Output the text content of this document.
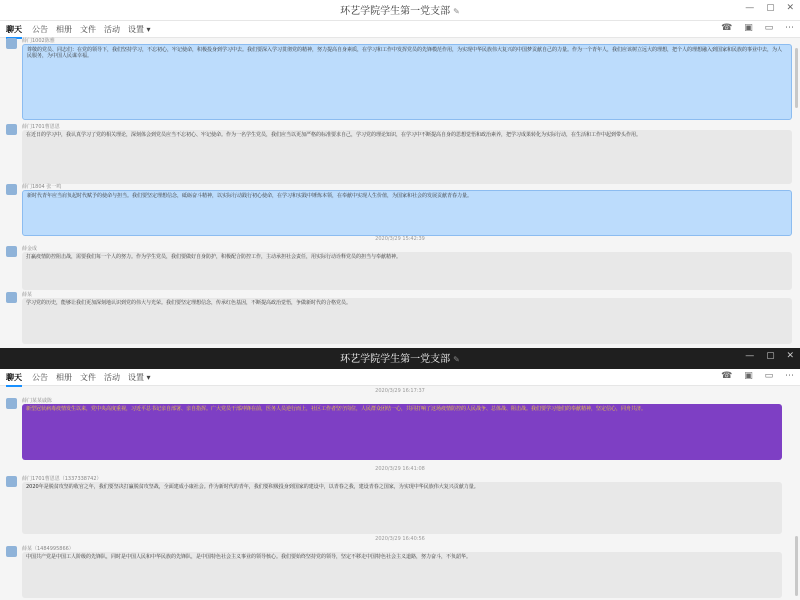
环艺学院学生第一党支部 ✎	— ▢ ✕
聊天 公告 相册 文件 活动 设置 ▾	☎ ▣ ▭ ⋯
薛门1002陈雅
尊敬的党员、同志们：在党的领导下，我们坚持学习，不忘初心，牢记使命，积极投身到学习中去。我们要深入学习贯彻党的精神，努力提高自身素质，在学习和工作中发挥党员的先锋模范作用，为实现中华民族伟大复兴的中国梦贡献自己的力量。作为一个青年人，我们应该树立远大的理想，把个人的理想融入到国家和民族的事业中去，为人民服务，为中国人民谋幸福。
薛门1701曹恩恩
在近日的学习中，我认真学习了党的相关理论，深刻体会到党员应当不忘初心、牢记使命。作为一名学生党员，我们应当以更加严格的标准要求自己，学习党的理论知识，在学习中不断提高自身的思想觉悟和政治素养，把学习成果转化为实际行动，在生活和工作中起到带头作用。
薛门1804 张一鸣
新时代青年应当肩负起时代赋予的使命与担当。我们要坚定理想信念，砥砺奋斗精神，以实际行动践行初心使命，在学习和实践中锤炼本领，在奉献中实现人生价值，为国家和社会的发展贡献青春力量。
2020/3/29 15:42:39
薛金成
打赢疫情防控阻击战，需要我们每一个人的努力。作为学生党员，我们要做好自身防护，积极配合防控工作，主动承担社会责任，用实际行动诠释党员的担当与奉献精神。
薛某
学习党的历史，能够让我们更加深刻地认识到党的伟大与光荣。我们要坚定理想信念，传承红色基因，不断提高政治觉悟，争做新时代的合格党员。
环艺学院学生第一党支部 ✎	— ▢ ✕
聊天 公告 相册 文件 活动 设置 ▾	☎ ▣ ▭ ⋯
2020/3/29 16:17:37
薛门某某戚陈
新型冠状病毒疫情发生以来，党中央高度重视，习近平总书记亲自部署、亲自指挥。广大党员干部冲锋在前，医务人员逆行而上，社区工作者坚守岗位，人民群众团结一心，共同打响了这场疫情防控的人民战争、总体战、阻击战。我们要学习他们的奉献精神，坚定信心，同舟共济。
2020/3/29 16:41:08
薛门1701曹恩恩（1337338742）
2020年是脱贫攻坚的收官之年，我们要坚决打赢脱贫攻坚战，全面建成小康社会。作为新时代的青年，我们要积极投身到国家的建设中，以青春之我，建设青春之国家，为实现中华民族伟大复兴贡献力量。
2020/3/29 16:40:56
薛某（1484995866）
中国共产党是中国工人阶级的先锋队，同时是中国人民和中华民族的先锋队，是中国特色社会主义事业的领导核心。我们要始终坚持党的领导，坚定不移走中国特色社会主义道路，努力奋斗，不负韶华。
